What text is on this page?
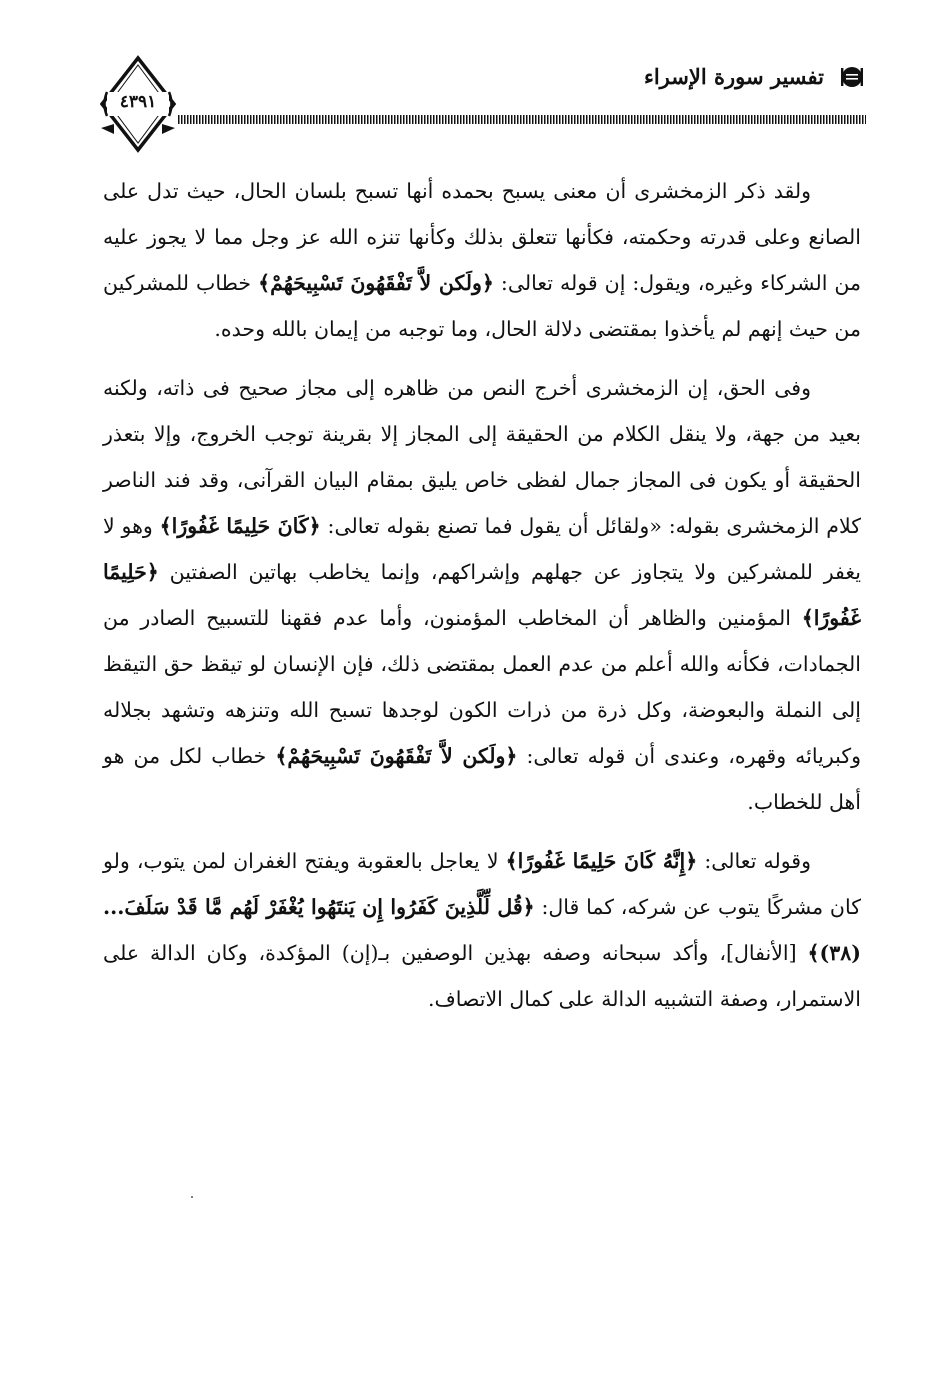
تفسير سورة الإسراء
٤٣٩١

ولقد ذكر الزمخشرى أن معنى يسبح بحمده أنها تسبح بلسان الحال، حيث تدل على الصانع وعلى قدرته وحكمته، فكأنها تتعلق بذلك وكأنها تنزه الله عز وجل مما لا يجوز عليه من الشركاء وغيره، ويقول: إن قوله تعالى: ﴿ولَكن لاَّ تَفْقَهُونَ تَسْبِيحَهُمْ﴾ خطاب للمشركين من حيث إنهم لم يأخذوا بمقتضى دلالة الحال، وما توجبه من إيمان بالله وحده.

وفى الحق، إن الزمخشرى أخرج النص من ظاهره إلى مجاز صحيح فى ذاته، ولكنه بعيد من جهة، ولا ينقل الكلام من الحقيقة إلى المجاز إلا بقرينة توجب الخروج، وإلا بتعذر الحقيقة أو يكون فى المجاز جمال لفظى خاص يليق بمقام البيان القرآنى، وقد فند الناصر كلام الزمخشرى بقوله: «ولقائل أن يقول فما تصنع بقوله تعالى: ﴿كَانَ حَلِيمًا غَفُورًا﴾ وهو لا يغفر للمشركين ولا يتجاوز عن جهلهم وإشراكهم، وإنما يخاطب بهاتين الصفتين ﴿حَلِيمًا غَفُورًا﴾ المؤمنين والظاهر أن المخاطب المؤمنون، وأما عدم فقهنا للتسبيح الصادر من الجمادات، فكأنه والله أعلم من عدم العمل بمقتضى ذلك، فإن الإنسان لو تيقظ حق التيقظ إلى النملة والبعوضة، وكل ذرة من ذرات الكون لوجدها تسبح الله وتنزهه وتشهد بجلاله وكبريائه وقهره، وعندى أن قوله تعالى: ﴿ولَكن لاَّ تَفْقَهُونَ تَسْبِيحَهُمْ﴾ خطاب لكل من هو أهل للخطاب.

وقوله تعالى: ﴿إِنَّهُ كَانَ حَلِيمًا غَفُورًا﴾ لا يعاجل بالعقوبة ويفتح الغفران لمن يتوب، ولو كان مشركًا يتوب عن شركه، كما قال: ﴿قُل لِّلَّذِينَ كَفَرُوا إِن يَنتَهُوا يُغْفَرْ لَهُم مَّا قَدْ سَلَفَ... (٣٨)﴾ [الأنفال]، وأكد سبحانه وصفه بهذين الوصفين بـ(إن) المؤكدة، وكان الدالة على الاستمرار، وصفة التشبيه الدالة على كمال الاتصاف.
